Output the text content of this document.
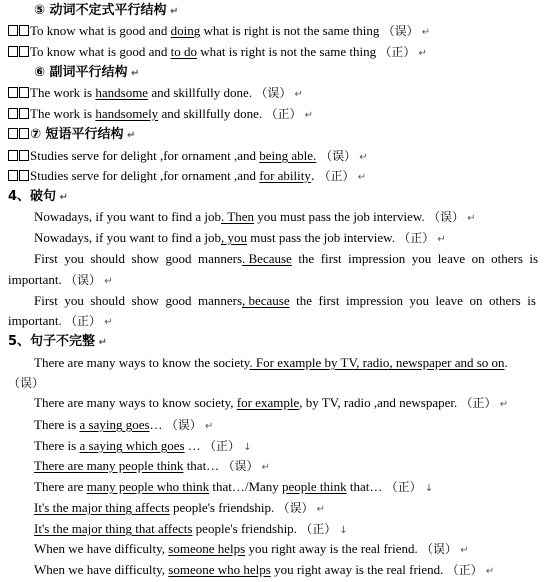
⑤ 动词不定式平行结构 ↵
To know what is good and doing what is right is not the same thing （误） ↵
To know what is good and to do what is right is not the same thing （正） ↵
⑥ 副词平行结构 ↵
The work is handsome and skillfully done. （误） ↵
The work is handsomely and skillfully done. （正） ↵
⑦ 短语平行结构 ↵
Studies serve for delight ,for ornament ,and being able. （误） ↵
Studies serve for delight ,for ornament ,and for ability. （正） ↵
4、破句 ↵
Nowadays, if you want to find a job. Then you must pass the job interview. （误） ↵
Nowadays, if you want to find a job, you must pass the job interview. （正） ↵
First  you  should  show  good  manners. Because  the  first  impression  you  leave  on  others  is
important. （误） ↵
First  you  should  show  good  manners, because  the  first  impression  you  leave  on  others  is
important. （正） ↵
5、句子不完整 ↵
There are many ways to know the society. For example by TV, radio, newspaper and so on.
（误）
There are many ways to know society, for example, by TV, radio ,and newspaper. （正） ↵
There is a saying goes… （误） ↵
There is a saying which goes … （正） ↓
There are many people think that… （误） ↵
There are many people who think that…/Many people think that… （正） ↓
It's the major thing affects people's friendship. （误） ↵
It's the major thing that affects people's friendship. （正） ↓
When we have difficulty, someone helps you right away is the real friend. （误） ↵
When we have difficulty, someone who helps you right away is the real friend. （正） ↵
